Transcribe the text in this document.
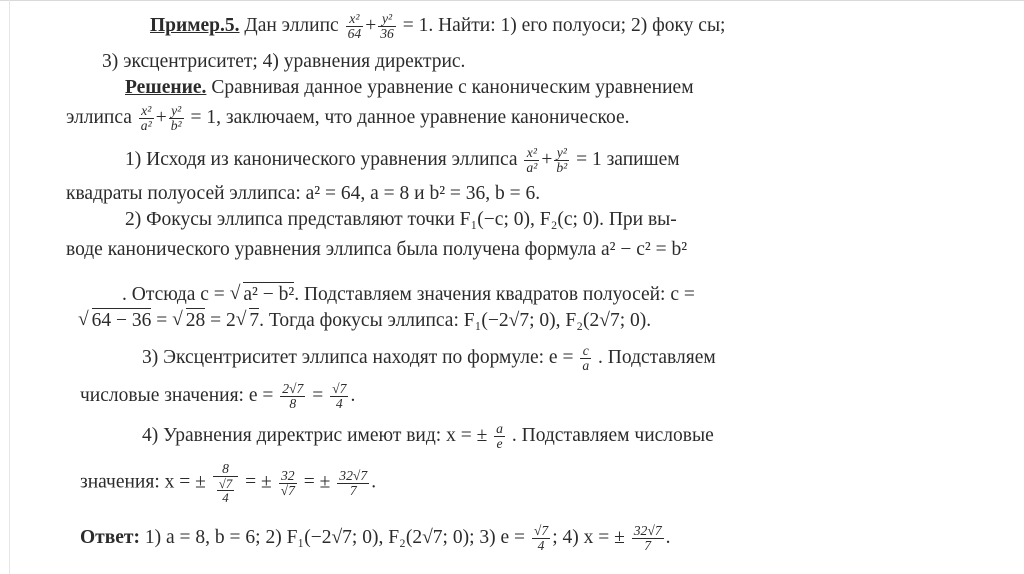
Пример.5. Дан эллипс $\frac{\text{x²}}{64} + \frac{\text{y²}}{36} = 1$. Найти: 1) его полуоси; 2) фоку сы;
3) эксцентриситет; 4) уравнения директрис.
Решение. Сравнивая данное уравнение с каноническим уравнением
эллипса $\frac{\text{x²}}{\text{a²}} + \frac{\text{y²}}{\text{b²}} = 1$, заключаем, что данное уравнение каноническое.
1) Исходя из канонического уравнения эллипса $\frac{\text{x²}}{\text{a²}} + \frac{\text{y²}}{\text{b²}} = 1$ запишем
квадраты полуосей эллипса: a² = 64, a = 8 и b² = 36, b = 6.
2) Фокусы эллипса представляют точки F₁(−c; 0), F₂(c; 0). При вы-
воде канонического уравнения эллипса была получена формула a² − c² = b²
. Отсюда c = √ a² − b². Подставляем значения квадратов полуосей: c =
√ 64 − 36 = √ 28 = 2 √ 7. Тогда фокусы эллипса: F₁(−2√7; 0), F₂(2√7; 0).
3) Эксцентриситет эллипса находят по формуле: $e = \frac{c}{a}$ . Подставляем
числовые значения: $e = \frac{2√7}{8} = \frac{√7}{4}$ .
4) Уравнения директрис имеют вид: x = ± $\frac{a}{e}$ . Подставляем числовые
значения: x = ± $\frac{8}{\frac{√7}{4}}$ = ± $\frac{32}{√7}$ = ± $\frac{32√7}{7}$ .
Ответ: 1) a = 8, b = 6; 2) F₁(−2√7; 0), F₂(2√7; 0); 3) $e = \frac{√7}{4}$ ; 4) x = ± $\frac{32√7}{7}$ .
